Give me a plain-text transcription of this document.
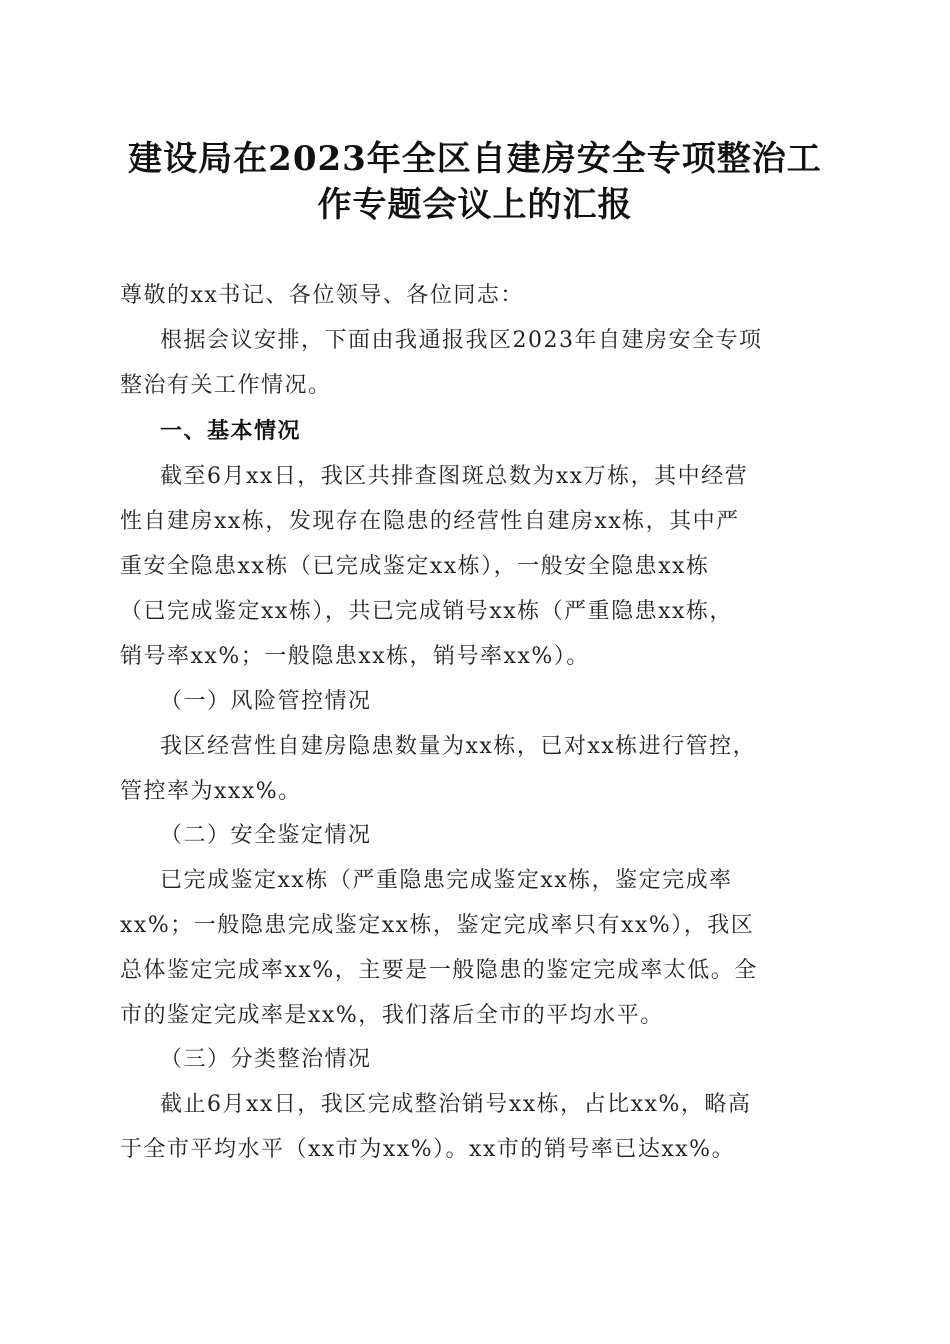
建设局在2023年全区自建房安全专项整治工
作专题会议上的汇报

尊敬的xx书记、各位领导、各位同志：

根据会议安排，下面由我通报我区2023年自建房安全专项
整治有关工作情况。

一、基本情况

截至6月xx日，我区共排查图斑总数为xx万栋，其中经营
性自建房xx栋，发现存在隐患的经营性自建房xx栋，其中严
重安全隐患xx栋（已完成鉴定xx栋），一般安全隐患xx栋
（已完成鉴定xx栋），共已完成销号xx栋（严重隐患xx栋，
销号率xx%；一般隐患xx栋，销号率xx%）。

（一）风险管控情况

我区经营性自建房隐患数量为xx栋，已对xx栋进行管控，
管控率为xxx%。

（二）安全鉴定情况

已完成鉴定xx栋（严重隐患完成鉴定xx栋，鉴定完成率
xx%；一般隐患完成鉴定xx栋，鉴定完成率只有xx%），我区
总体鉴定完成率xx%，主要是一般隐患的鉴定完成率太低。全
市的鉴定完成率是xx%，我们落后全市的平均水平。

（三）分类整治情况

截止6月xx日，我区完成整治销号xx栋，占比xx%，略高
于全市平均水平（xx市为xx%）。xx市的销号率已达xx%。
